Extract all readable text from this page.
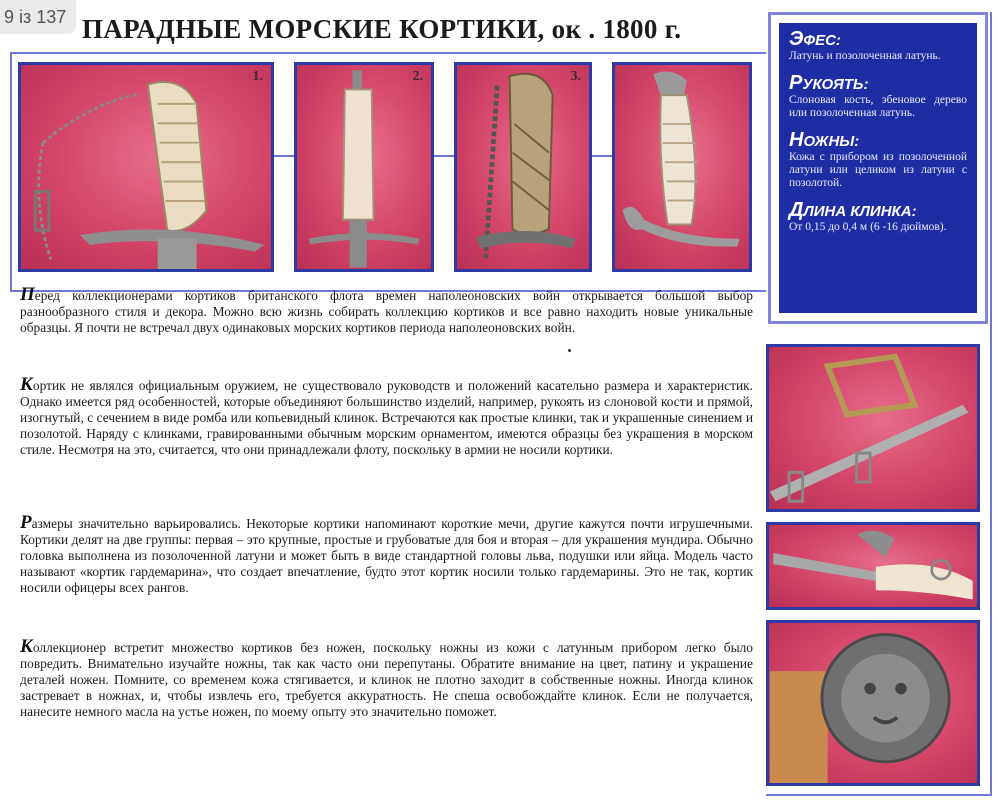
9 із 137 ПАРАДНЫЕ МОРСКИЕ КОРТИКИ, ок . 1800 г.
1.	2.	3.
ЭФЕС:

Латунь и позолоченная латунь.

РУКОЯТЬ:

Слоновая кость, эбеновое дерево или позолоченная латунь.

НОЖНЫ:

Кожа с прибором из позолоченной латуни или целиком из латуни с позолотой.

ДЛИНА КЛИНКА:

От 0,15 до 0,4 м (6 -16 дюймов).

Перед коллекционерами кортиков британского флота времен наполеоновских войн открывается большой выбор разнообразного стиля и декора. Можно всю жизнь собирать коллекцию кортиков и все равно находить новые уникальные образцы. Я почти не встречал двух одинаковых морских кортиков периода наполеоновских войн.

Кортик не являлся официальным оружием, не существовало руководств и положений касательно размера и характеристик. Однако имеется ряд особенностей, которые объединяют большинство изделий, например, рукоять из слоновой кости и прямой, изогнутый, с сечением в виде ромба или копьевидный клинок. Встречаются как простые клинки, так и украшенные синением и позолотой. Наряду с клинками, гравированными обычным морским орнаментом, имеются образцы без украшения в морском стиле. Несмотря на это, считается, что они принадлежали флоту, поскольку в армии не носили кортики.

Размеры значительно варьировались. Некоторые кортики напоминают короткие мечи, другие кажутся почти игрушечными. Кортики делят на две группы: первая – это крупные, простые и грубоватые для боя и вторая – для украшения мундира. Обычно головка выполнена из позолоченной латуни и может быть в виде стандартной головы льва, подушки или яйца. Модель часто называют «кортик гардемарина», что создает впечатление, будто этот кортик носили только гардемарины. Это не так, кортик носили офицеры всех рангов.

Коллекционер встретит множество кортиков без ножен, поскольку ножны из кожи с латунным прибором легко было повредить. Внимательно изучайте ножны, так как часто они перепутаны. Обратите внимание на цвет, патину и украшение деталей ножен. Помните, со временем кожа стягивается, и клинок не плотно заходит в собственные ножны. Иногда клинок застревает в ножнах, и, чтобы извлечь его, требуется аккуратность. Не спеша освобождайте клинок. Если не получается, нанесите немного масла на устье ножен, по моему опыту это значительно поможет.
